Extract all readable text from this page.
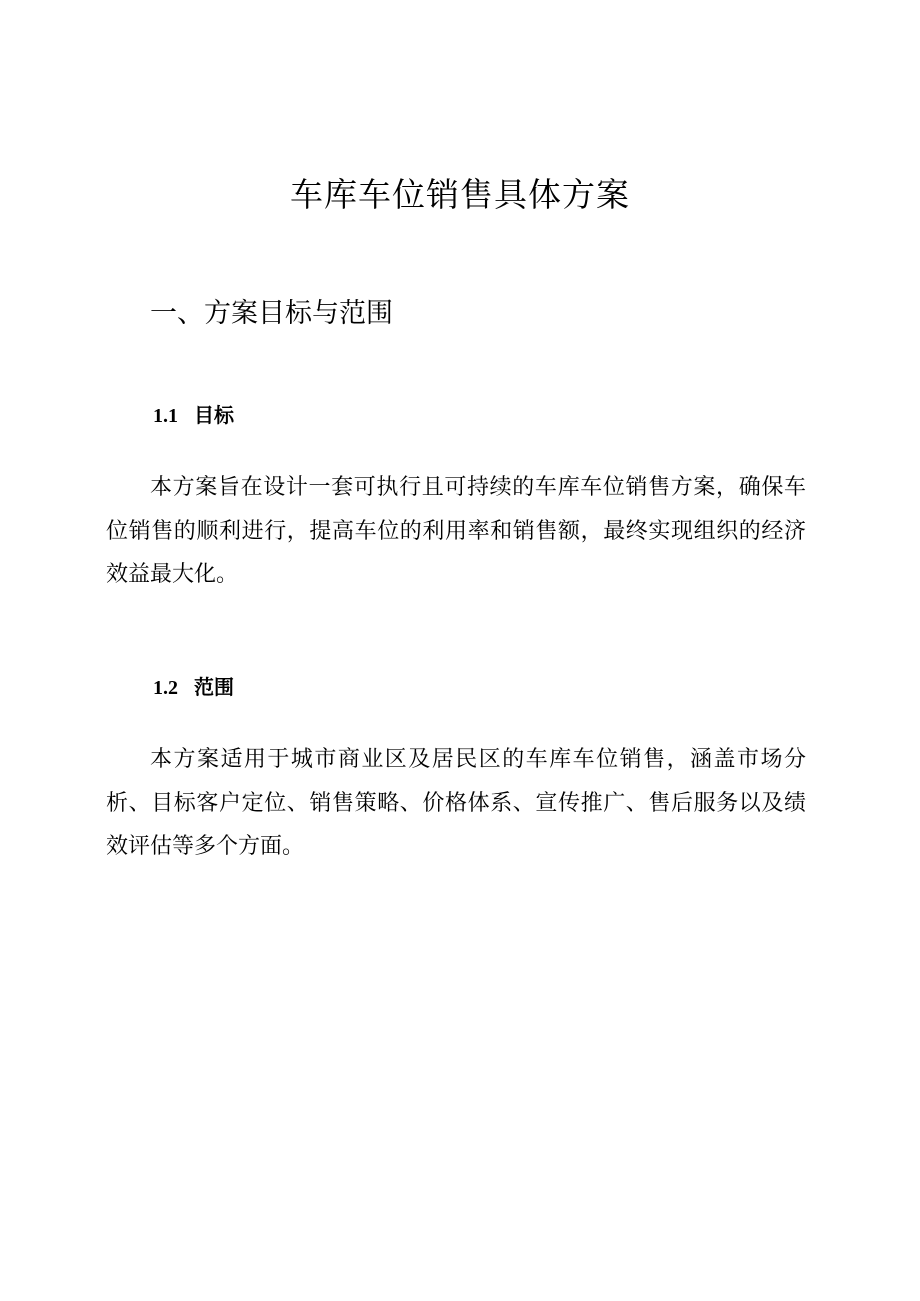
车库车位销售具体方案
一、方案目标与范围
1.1 目标

本方案旨在设计一套可执行且可持续的车库车位销售方案，确保车位销售的顺利进行，提高车位的利用率和销售额，最终实现组织的经济效益最大化。

1.2 范围

本方案适用于城市商业区及居民区的车库车位销售，涵盖市场分析、目标客户定位、销售策略、价格体系、宣传推广、售后服务以及绩效评估等多个方面。
